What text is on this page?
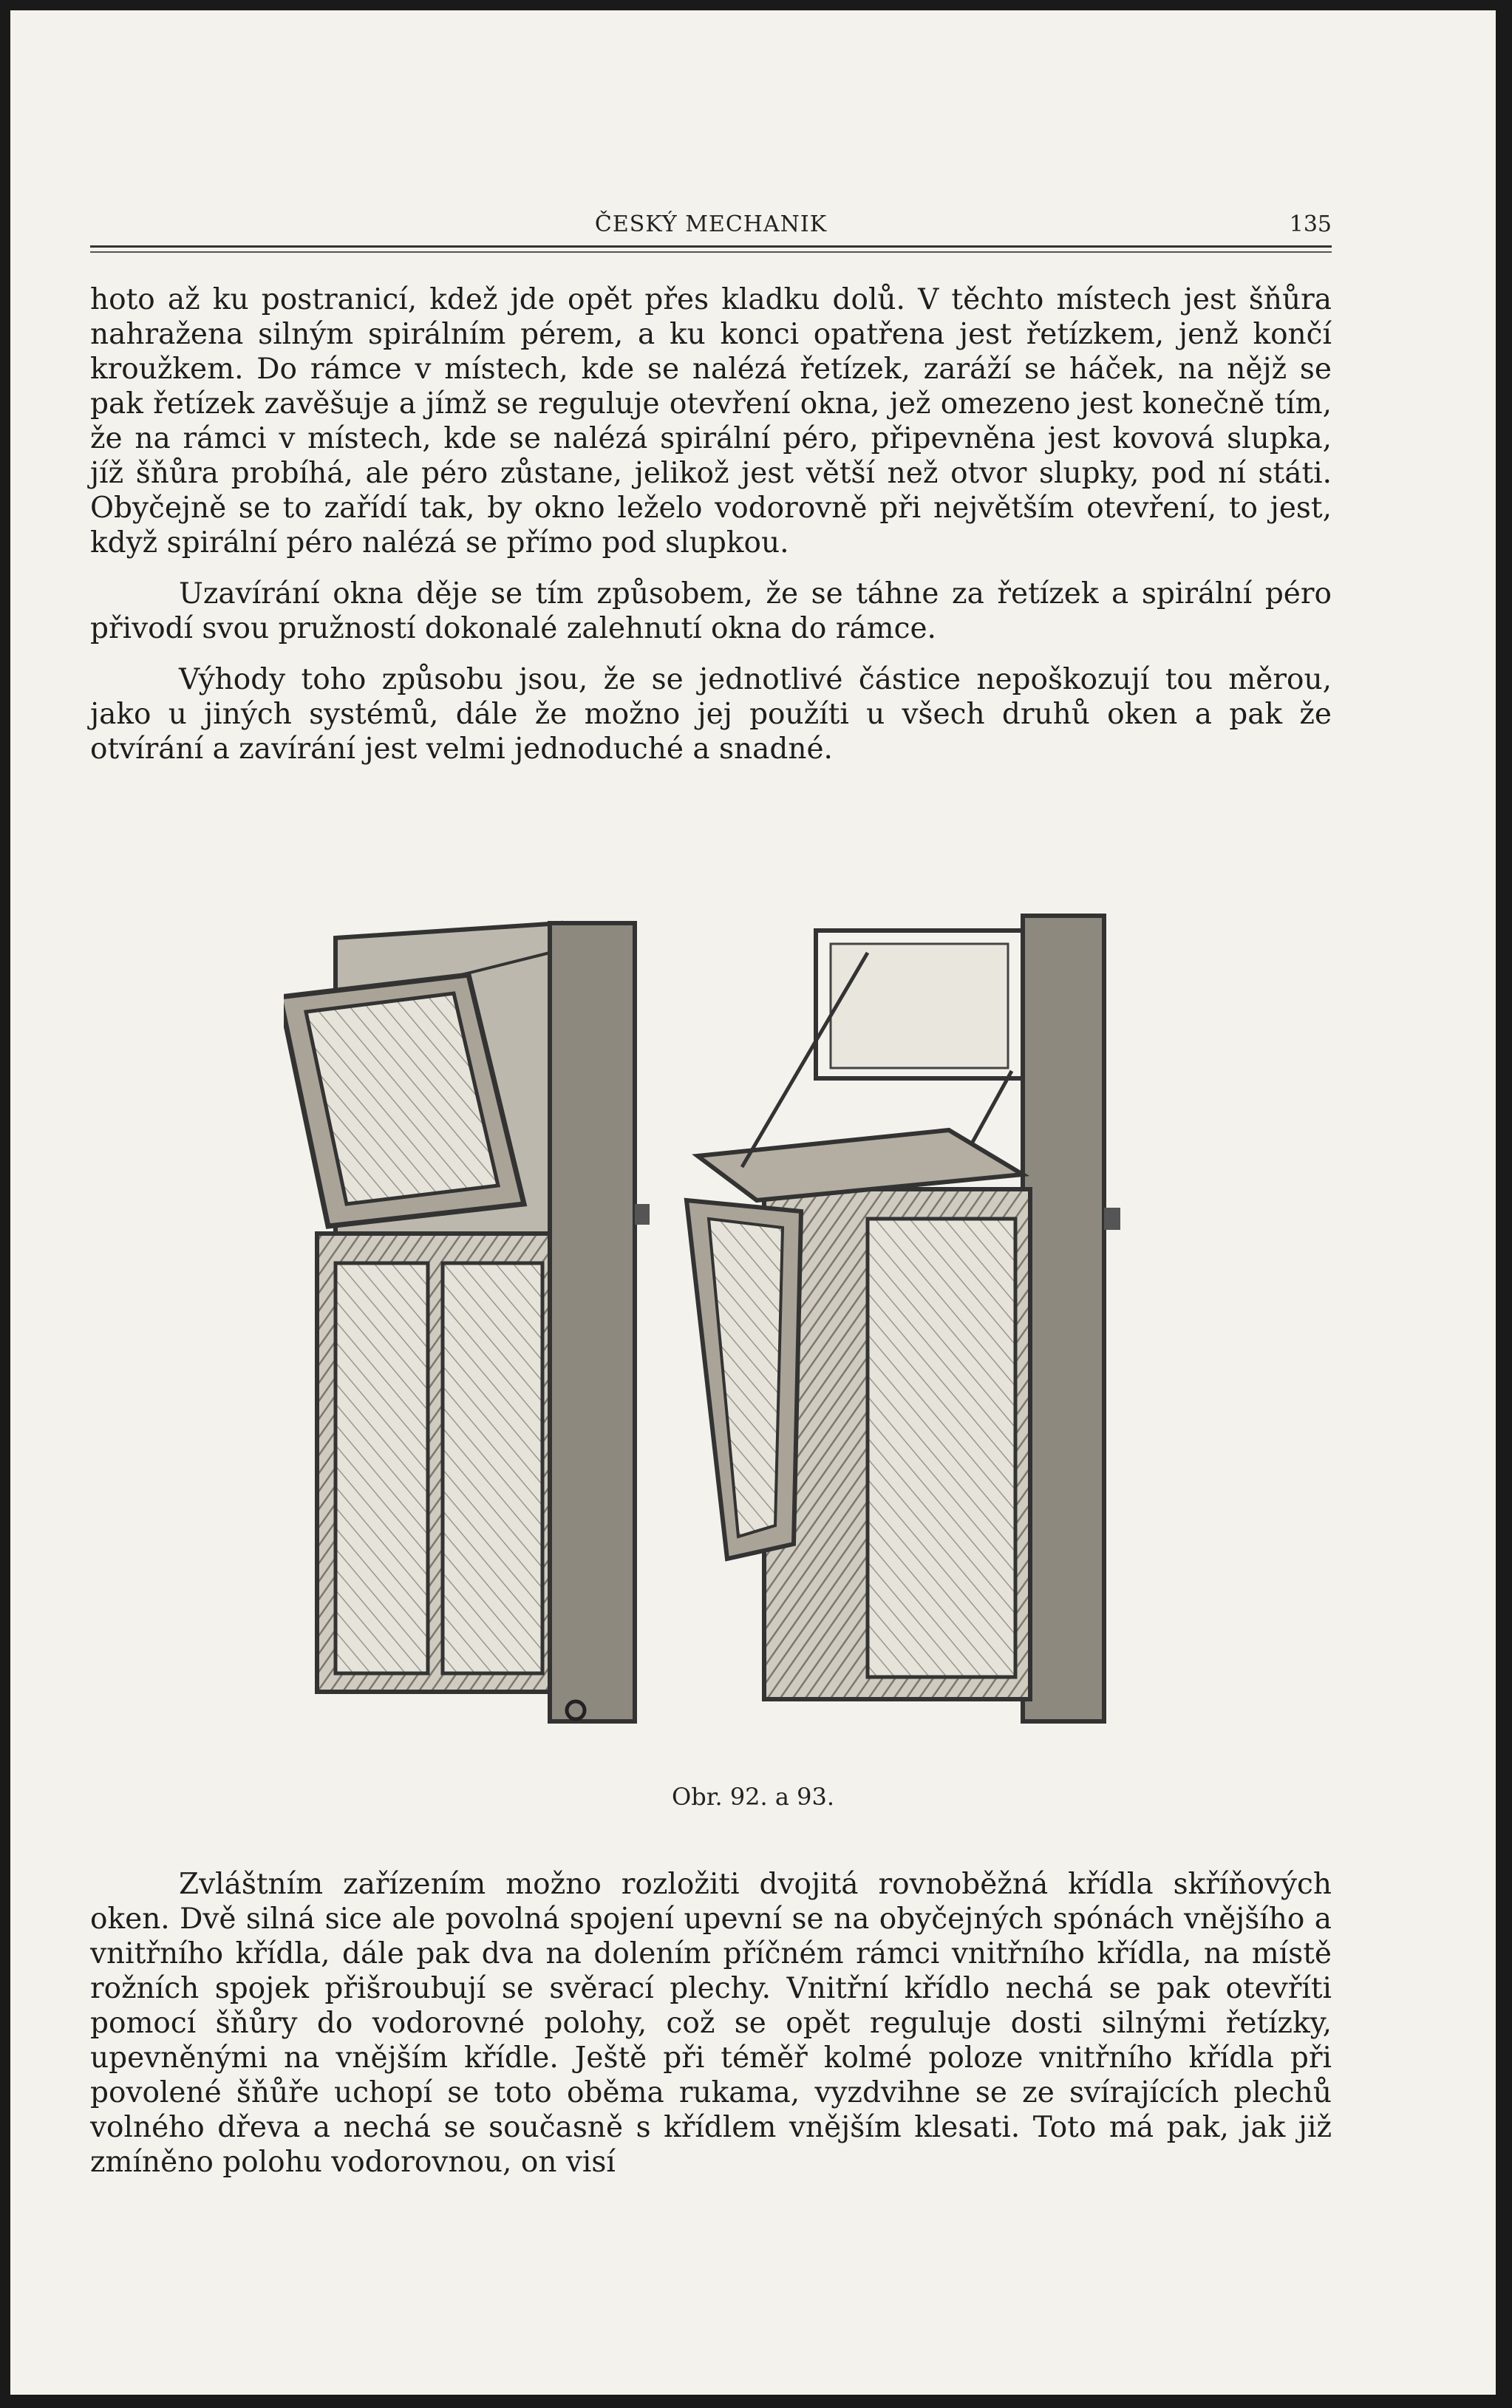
ČESKÝ MECHANIK	135

hoto až ku postranicí, kdež jde opět přes kladku dolů. V těchto místech jest šňůra nahražena silným spirálním pérem, a ku konci opatřena jest řetízkem, jenž končí kroužkem. Do rámce v místech, kde se nalézá řetízek, zaráží se háček, na nějž se pak řetízek zavěšuje a jímž se reguluje otevření okna, jež omezeno jest konečně tím, že na rámci v místech, kde se nalézá spirální péro, připevněna jest kovová slupka, jíž šňůra probíhá, ale péro zůstane, jelikož jest větší než otvor slupky, pod ní státi. Obyčejně se to zařídí tak, by okno leželo vodorovně při největším otevření, to jest, když spirální péro nalézá se přímo pod slupkou.

Uzavírání okna děje se tím způsobem, že se táhne za řetízek a spirální péro přivodí svou pružností dokonalé zalehnutí okna do rámce.

Výhody toho způsobu jsou, že se jednotlivé částice nepoškozují tou měrou, jako u jiných systémů, dále že možno jej použíti u všech druhů oken a pak že otvírání a zavírání jest velmi jednoduché a snadné.

Obr. 92. a 93.

Zvláštním zařízením možno rozložiti dvojitá rovnoběžná křídla skříňových oken. Dvě silná sice ale povolná spojení upevní se na obyčejných spónách vnějšího a vnitřního křídla, dále pak dva na dolením příčném rámci vnitřního křídla, na místě rožních spojek přišroubují se svěrací plechy. Vnitřní křídlo nechá se pak otevříti pomocí šňůry do vodorovné polohy, což se opět reguluje dosti silnými řetízky, upevněnými na vnějším křídle. Ještě při téměř kolmé poloze vnitřního křídla při povolené šňůře uchopí se toto oběma rukama, vyzdvihne se ze svírajících plechů volného dřeva a nechá se současně s křídlem vnějším klesati. Toto má pak, jak již zmíněno polohu vodorovnou, on visí
